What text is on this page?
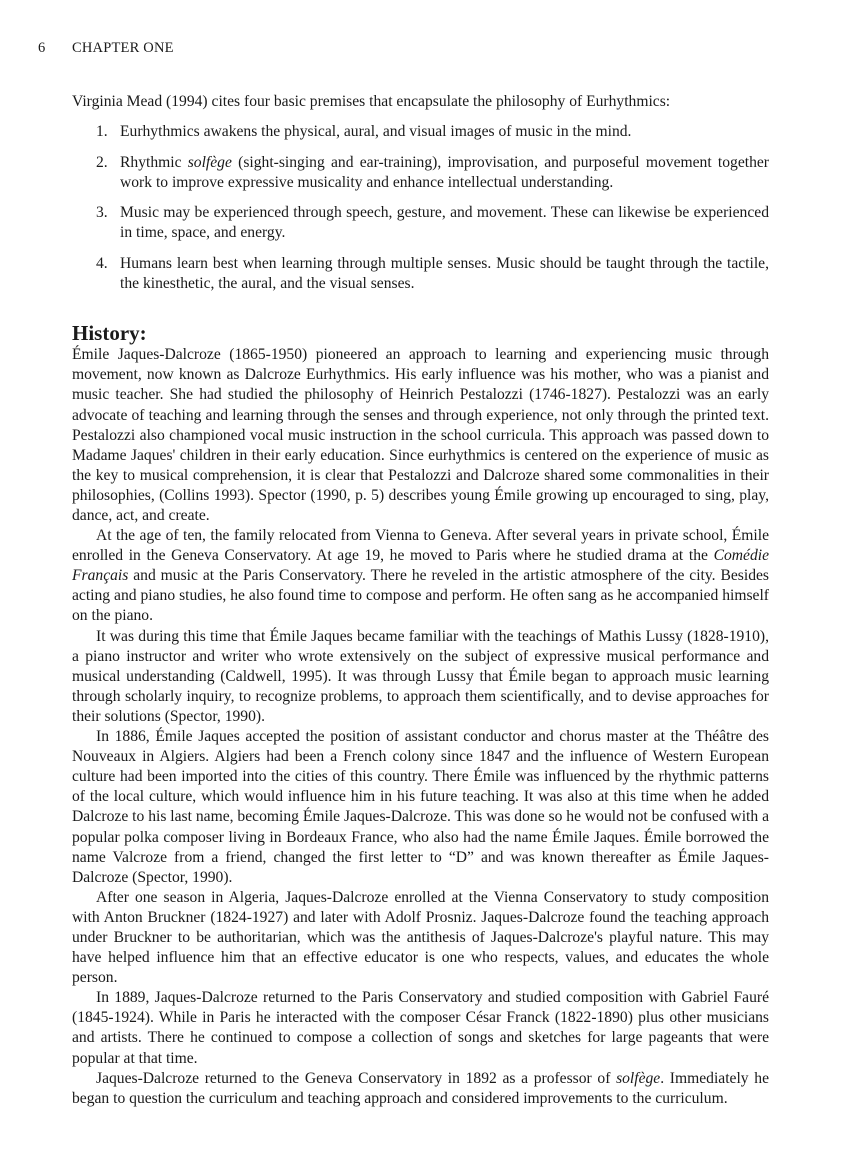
6 CHAPTER ONE

Virginia Mead (1994) cites four basic premises that encapsulate the philosophy of Eurhythmics:

1. Eurhythmics awakens the physical, aural, and visual images of music in the mind.
2. Rhythmic solfège (sight-singing and ear-training), improvisation, and purposeful movement together work to improve expressive musicality and enhance intellectual understanding.
3. Music may be experienced through speech, gesture, and movement. These can likewise be experienced in time, space, and energy.
4. Humans learn best when learning through multiple senses. Music should be taught through the tactile, the kinesthetic, the aural, and the visual senses.
History:

Émile Jaques-Dalcroze (1865-1950) pioneered an approach to learning and experiencing music through movement, now known as Dalcroze Eurhythmics. His early influence was his mother, who was a pianist and music teacher. She had studied the philosophy of Heinrich Pestalozzi (1746-1827). Pestalozzi was an early advocate of teaching and learning through the senses and through experience, not only through the printed text. Pestalozzi also championed vocal music instruction in the school curricula. This approach was passed down to Madame Jaques' children in their early education. Since eurhythmics is centered on the experience of music as the key to musical comprehension, it is clear that Pestalozzi and Dalcroze shared some commonalities in their philosophies, (Collins 1993). Spector (1990, p. 5) describes young Émile growing up encouraged to sing, play, dance, act, and create.

At the age of ten, the family relocated from Vienna to Geneva. After several years in private school, Émile enrolled in the Geneva Conservatory. At age 19, he moved to Paris where he studied drama at the Comédie Français and music at the Paris Conservatory. There he reveled in the artistic atmosphere of the city. Besides acting and piano studies, he also found time to compose and perform. He often sang as he accompanied himself on the piano.

It was during this time that Émile Jaques became familiar with the teachings of Mathis Lussy (1828-1910), a piano instructor and writer who wrote extensively on the subject of expressive musical performance and musical understanding (Caldwell, 1995). It was through Lussy that Émile began to approach music learning through scholarly inquiry, to recognize problems, to approach them scientifically, and to devise approaches for their solutions (Spector, 1990).

In 1886, Émile Jaques accepted the position of assistant conductor and chorus master at the Théâtre des Nouveaux in Algiers. Algiers had been a French colony since 1847 and the influence of Western European culture had been imported into the cities of this country. There Émile was influenced by the rhythmic patterns of the local culture, which would influence him in his future teaching. It was also at this time when he added Dalcroze to his last name, becoming Émile Jaques-Dalcroze. This was done so he would not be confused with a popular polka composer living in Bordeaux France, who also had the name Émile Jaques. Émile borrowed the name Valcroze from a friend, changed the first letter to “D” and was known thereafter as Émile Jaques-Dalcroze (Spector, 1990).

After one season in Algeria, Jaques-Dalcroze enrolled at the Vienna Conservatory to study composition with Anton Bruckner (1824-1927) and later with Adolf Prosniz. Jaques-Dalcroze found the teaching approach under Bruckner to be authoritarian, which was the antithesis of Jaques-Dalcroze's playful nature. This may have helped influence him that an effective educator is one who respects, values, and educates the whole person.

In 1889, Jaques-Dalcroze returned to the Paris Conservatory and studied composition with Gabriel Fauré (1845-1924). While in Paris he interacted with the composer César Franck (1822-1890) plus other musicians and artists. There he continued to compose a collection of songs and sketches for large pageants that were popular at that time.

Jaques-Dalcroze returned to the Geneva Conservatory in 1892 as a professor of solfège. Immediately he began to question the curriculum and teaching approach and considered improvements to the curriculum.
